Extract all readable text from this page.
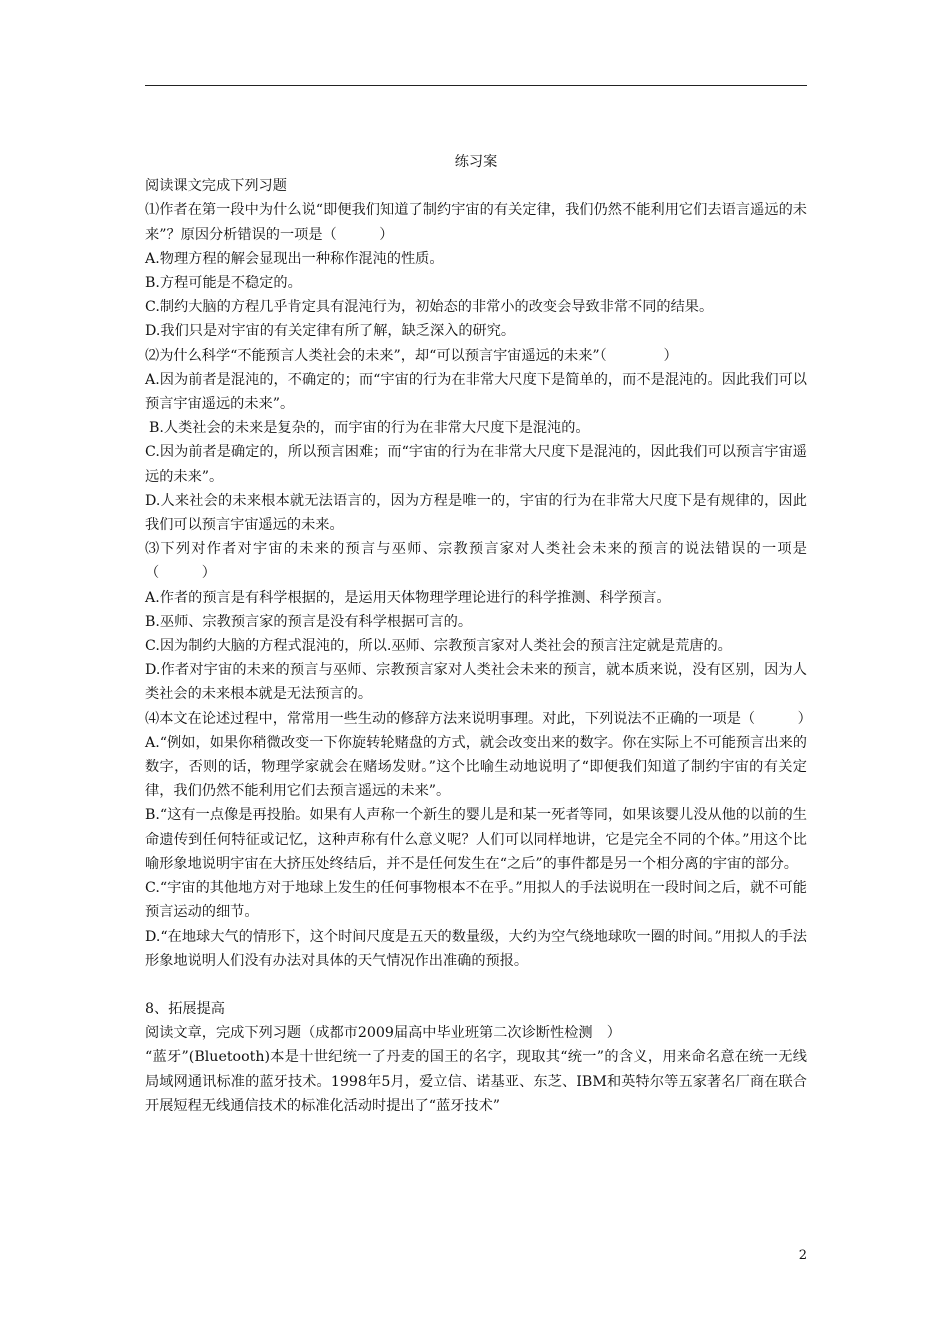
练习案

阅读课文完成下列习题

⑴作者在第一段中为什么说“即便我们知道了制约宇宙的有关定律，我们仍然不能利用它们去语言遥远的未来”？原因分析错误的一项是（　　　）

A.物理方程的解会显现出一种称作混沌的性质。

B.方程可能是不稳定的。

C.制约大脑的方程几乎肯定具有混沌行为，初始态的非常小的改变会导致非常不同的结果。

D.我们只是对宇宙的有关定律有所了解，缺乏深入的研究。

⑵为什么科学“不能预言人类社会的未来”，却“可以预言宇宙遥远的未来”（　　　　）

A.因为前者是混沌的，不确定的；而“宇宙的行为在非常大尺度下是简单的，而不是混沌的。因此我们可以预言宇宙遥远的未来”。

B.人类社会的未来是复杂的，而宇宙的行为在非常大尺度下是混沌的。

C.因为前者是确定的，所以预言困难；而“宇宙的行为在非常大尺度下是混沌的，因此我们可以预言宇宙遥远的未来”。

D.人来社会的未来根本就无法语言的，因为方程是唯一的，宇宙的行为在非常大尺度下是有规律的，因此我们可以预言宇宙遥远的未来。

⑶下列对作者对宇宙的未来的预言与巫师、宗教预言家对人类社会未来的预言的说法错误的一项是（　　　）

A.作者的预言是有科学根据的，是运用天体物理学理论进行的科学推测、科学预言。

B.巫师、宗教预言家的预言是没有科学根据可言的。

C.因为制约大脑的方程式混沌的，所以.巫师、宗教预言家对人类社会的预言注定就是荒唐的。

D.作者对宇宙的未来的预言与巫师、宗教预言家对人类社会未来的预言，就本质来说，没有区别，因为人类社会的未来根本就是无法预言的。

⑷本文在论述过程中，常常用一些生动的修辞方法来说明事理。对此，下列说法不正确的一项是（　　　）

A.“例如，如果你稍微改变一下你旋转轮赌盘的方式，就会改变出来的数字。你在实际上不可能预言出来的数字，否则的话，物理学家就会在赌场发财。”这个比喻生动地说明了“即便我们知道了制约宇宙的有关定律，我们仍然不能利用它们去预言遥远的未来”。

B.“这有一点像是再投胎。如果有人声称一个新生的婴儿是和某一死者等同，如果该婴儿没从他的以前的生命遗传到任何特征或记忆，这种声称有什么意义呢？人们可以同样地讲，它是完全不同的个体。”用这个比喻形象地说明宇宙在大挤压处终结后，并不是任何发生在“之后”的事件都是另一个相分离的宇宙的部分。

C.“宇宙的其他地方对于地球上发生的任何事物根本不在乎。”用拟人的手法说明在一段时间之后，就不可能预言运动的细节。

D.“在地球大气的情形下，这个时间尺度是五天的数量级，大约为空气绕地球吹一圈的时间。”用拟人的手法形象地说明人们没有办法对具体的天气情况作出准确的预报。

8、拓展提高

阅读文章，完成下列习题（成都市2009届高中毕业班第二次诊断性检测　）

“蓝牙”(Bluetooth)本是十世纪统一了丹麦的国王的名字，现取其“统一”的含义，用来命名意在统一无线局域网通讯标准的蓝牙技术。1998年5月，爱立信、诺基亚、东芝、IBM和英特尔等五家著名厂商在联合开展短程无线通信技术的标准化活动时提出了“蓝牙技术”

2
